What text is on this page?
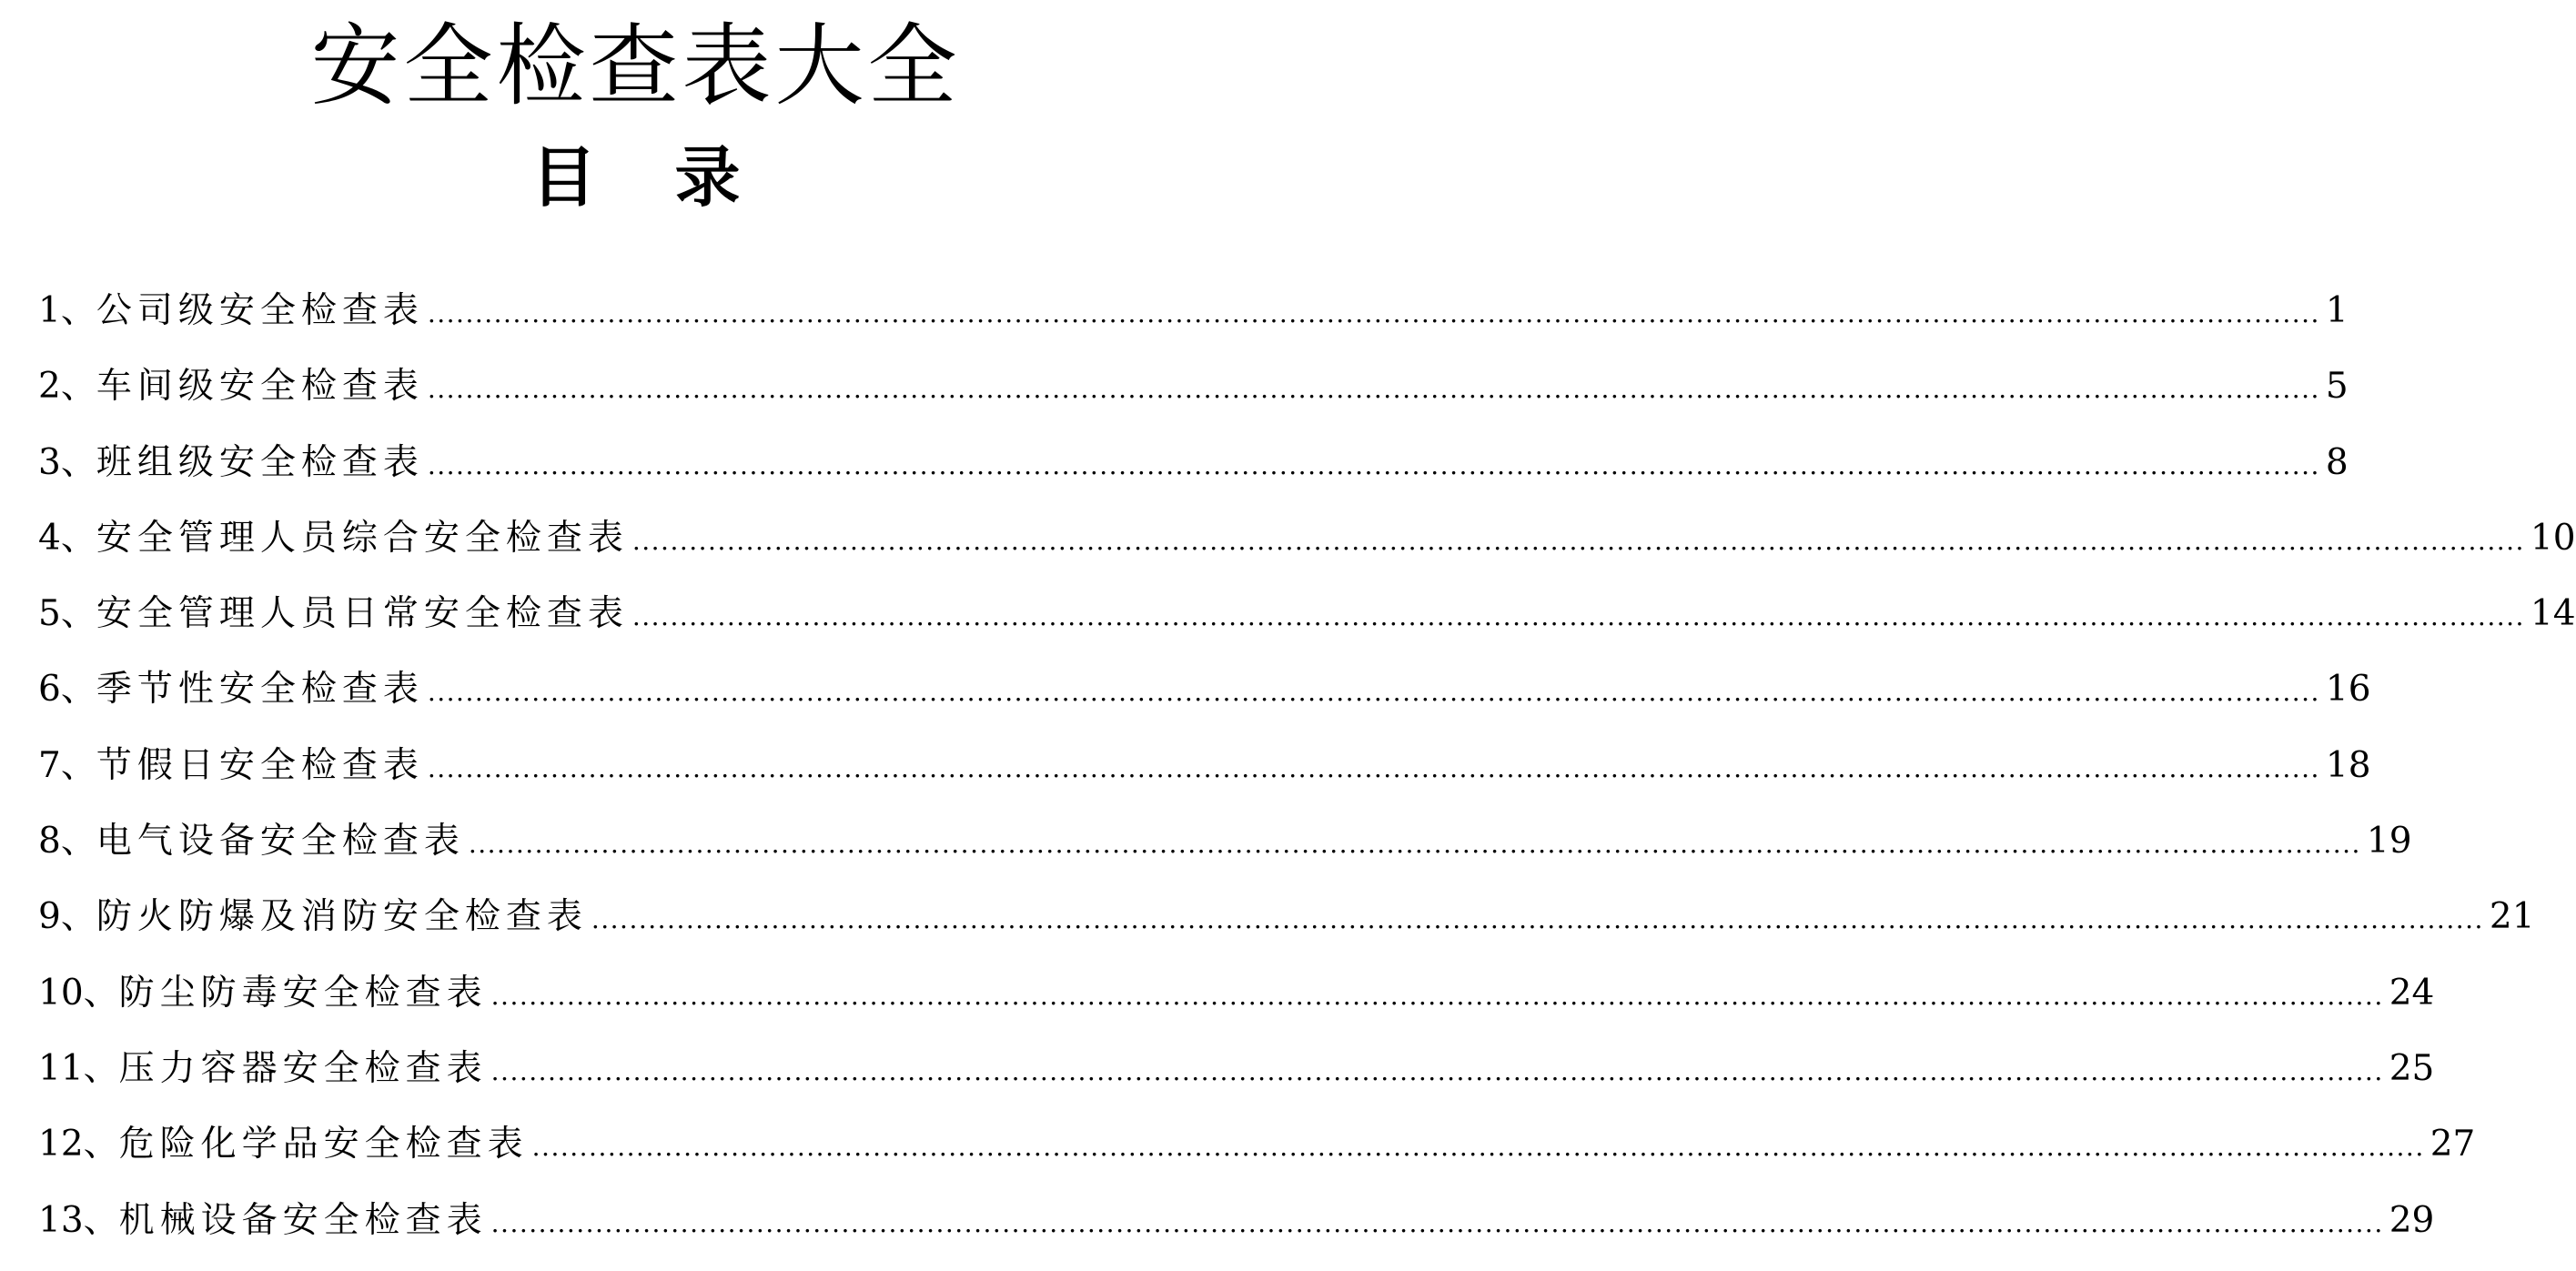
安全检查表大全
目 录
1、 公司级安全检查表 ........................................................................................................................................................................................................ 1
2、 车间级安全检查表 ........................................................................................................................................................................................................ 5
3、 班组级安全检查表 ........................................................................................................................................................................................................ 8
4、 安全管理人员综合安全检查表 ........................................................................................................................................................................................................ 10
5、 安全管理人员日常安全检查表 ........................................................................................................................................................................................................ 14
6、 季节性安全检查表 ........................................................................................................................................................................................................ 16
7、 节假日安全检查表 ........................................................................................................................................................................................................ 18
8、 电气设备安全检查表 ........................................................................................................................................................................................................ 19
9、 防火防爆及消防安全检查表 ........................................................................................................................................................................................................ 21
10、 防尘防毒安全检查表 ........................................................................................................................................................................................................ 24
11、 压力容器安全检查表 ........................................................................................................................................................................................................ 25
12、 危险化学品安全检查表 ........................................................................................................................................................................................................ 27
13、 机械设备安全检查表 ........................................................................................................................................................................................................ 29
